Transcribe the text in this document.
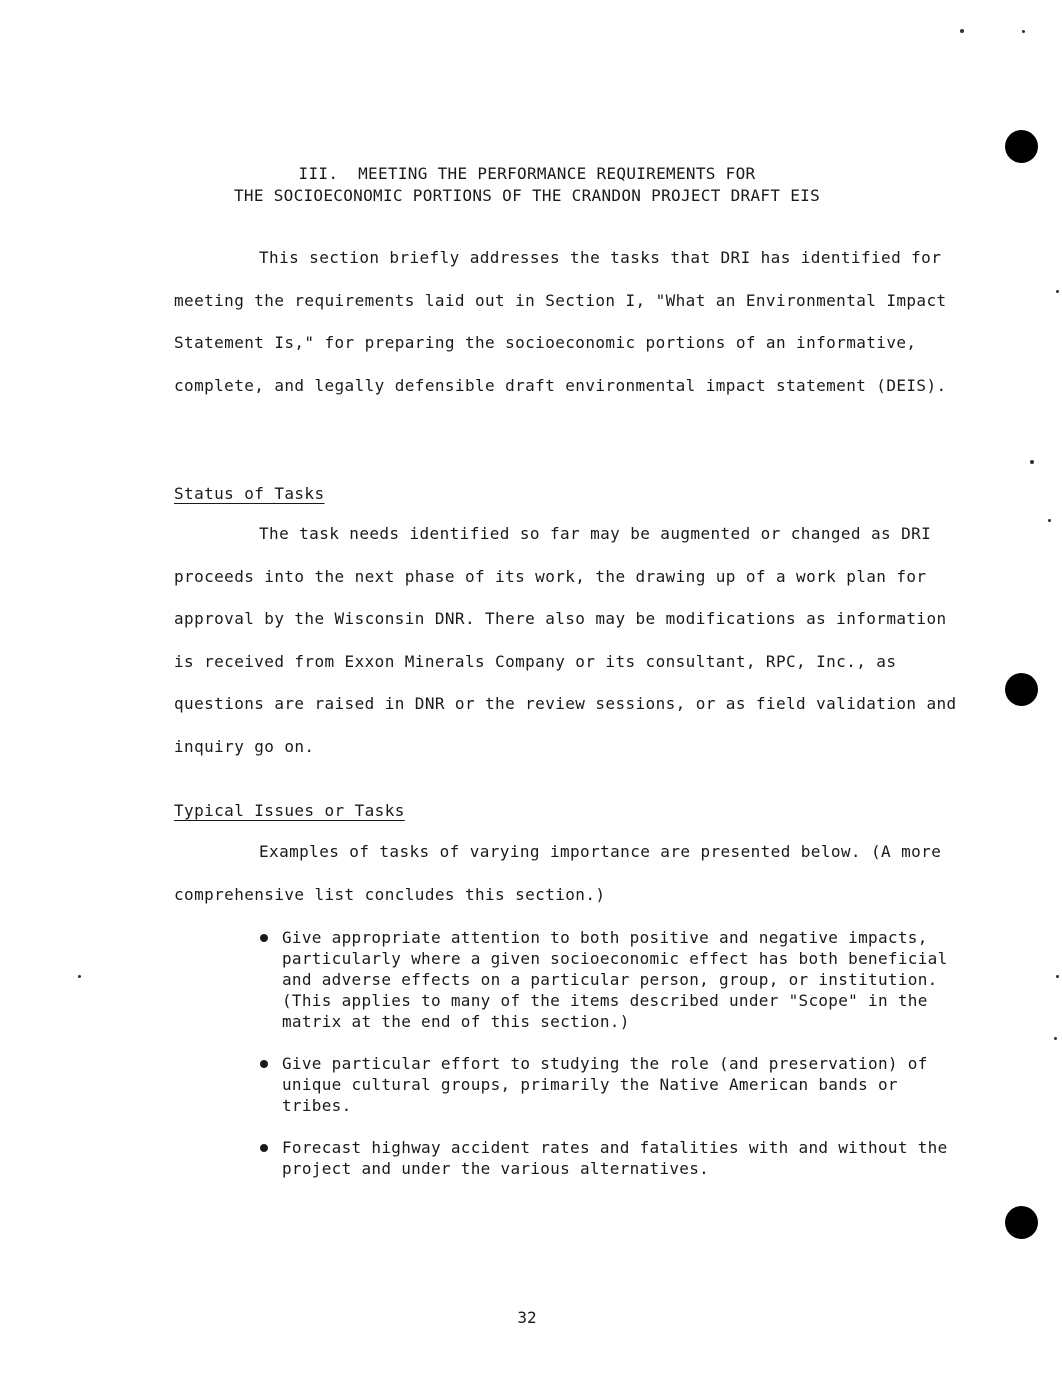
III.  MEETING THE PERFORMANCE REQUIREMENTS FOR
THE SOCIOECONOMIC PORTIONS OF THE CRANDON PROJECT DRAFT EIS

This section briefly addresses the tasks that DRI has identified for meeting the requirements laid out in Section I, "What an Environmental Impact Statement Is," for preparing the socioeconomic portions of an informative, complete, and legally defensible draft environmental impact statement (DEIS).

Status of Tasks

The task needs identified so far may be augmented or changed as DRI proceeds into the next phase of its work, the drawing up of a work plan for approval by the Wisconsin DNR. There also may be modifications as information is received from Exxon Minerals Company or its consultant, RPC, Inc., as questions are raised in DNR or the review sessions, or as field validation and inquiry go on.

Typical Issues or Tasks

Examples of tasks of varying importance are presented below. (A more comprehensive list concludes this section.)

Give appropriate attention to both positive and negative impacts, particularly where a given socioeconomic effect has both beneficial and adverse effects on a particular person, group, or institution. (This applies to many of the items described under "Scope" in the matrix at the end of this section.)
Give particular effort to studying the role (and preservation) of unique cultural groups, primarily the Native American bands or tribes.
Forecast highway accident rates and fatalities with and without the project and under the various alternatives.
32
